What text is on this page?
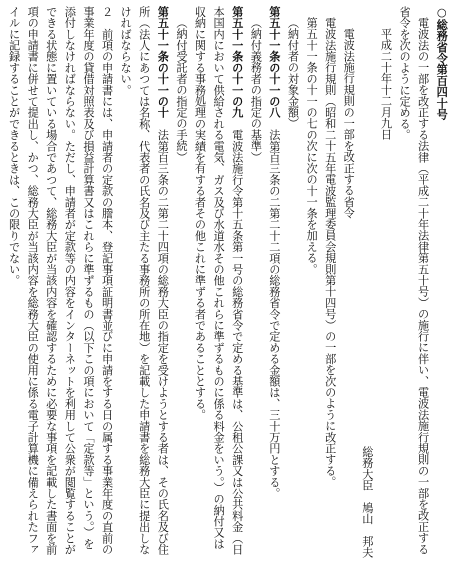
○総務省令第百四十号

電波法の一部を改正する法律（平成二十年法律第五十号）の施行に伴い、電波法施行規則の一部を改正する省令を次のように定める。

平成二十年十二月九日

総務大臣　鳩山　邦夫　

電波法施行規則の一部を改正する省令

電波法施行規則（昭和二十五年電波監理委員会規則第十四号）の一部を次のように改正する。

第五十一条の十一の七の次に次の十一条を加える。

（納付者の対象金額）

第五十一条の十一の八　法第百三条の二第二十二項の総務省令で定める金額は、三十万円とする。

（納付義務者の指定の基準）

第五十一条の十一の九　電波法施行令第十五条第一号の総務省令で定める基準は、公租公課又は公共料金（日本国内において供給される電気、ガス及び水道水その他これらに準ずるものに係る料金をいう。）の納付又は収納に関する事務処理の実績を有する者その他これに準ずる者であることとする。

（納付受託者の指定の手続）

第五十一条の十一の十　法第百三条の二第二十四項の総務大臣の指定を受けようとする者は、その氏名及び住所（法人にあつては名称、代表者の氏名及び主たる事務所の所在地）を記載した申請書を総務大臣に提出しなければならない。

２　前項の申請書には、申請者の定款の謄本、登記事項証明書並びに申請をする日の属する事業年度の直前の事業年度の貸借対照表及び損益計算書又はこれらに準ずるもの（以下この項において「定款等」という。）を添付しなければならない。ただし、申請者が定款等の内容をインターネットを利用して公衆が閲覧することができる状態に置いている場合であつて、総務大臣が当該内容を確認するために必要な事項を記載した書面を前項の申請書に併せて提出し、かつ、総務大臣が当該内容を総務大臣の使用に係る電子計算機に備えられたファイルに記録することができるときは、この限りでない。
